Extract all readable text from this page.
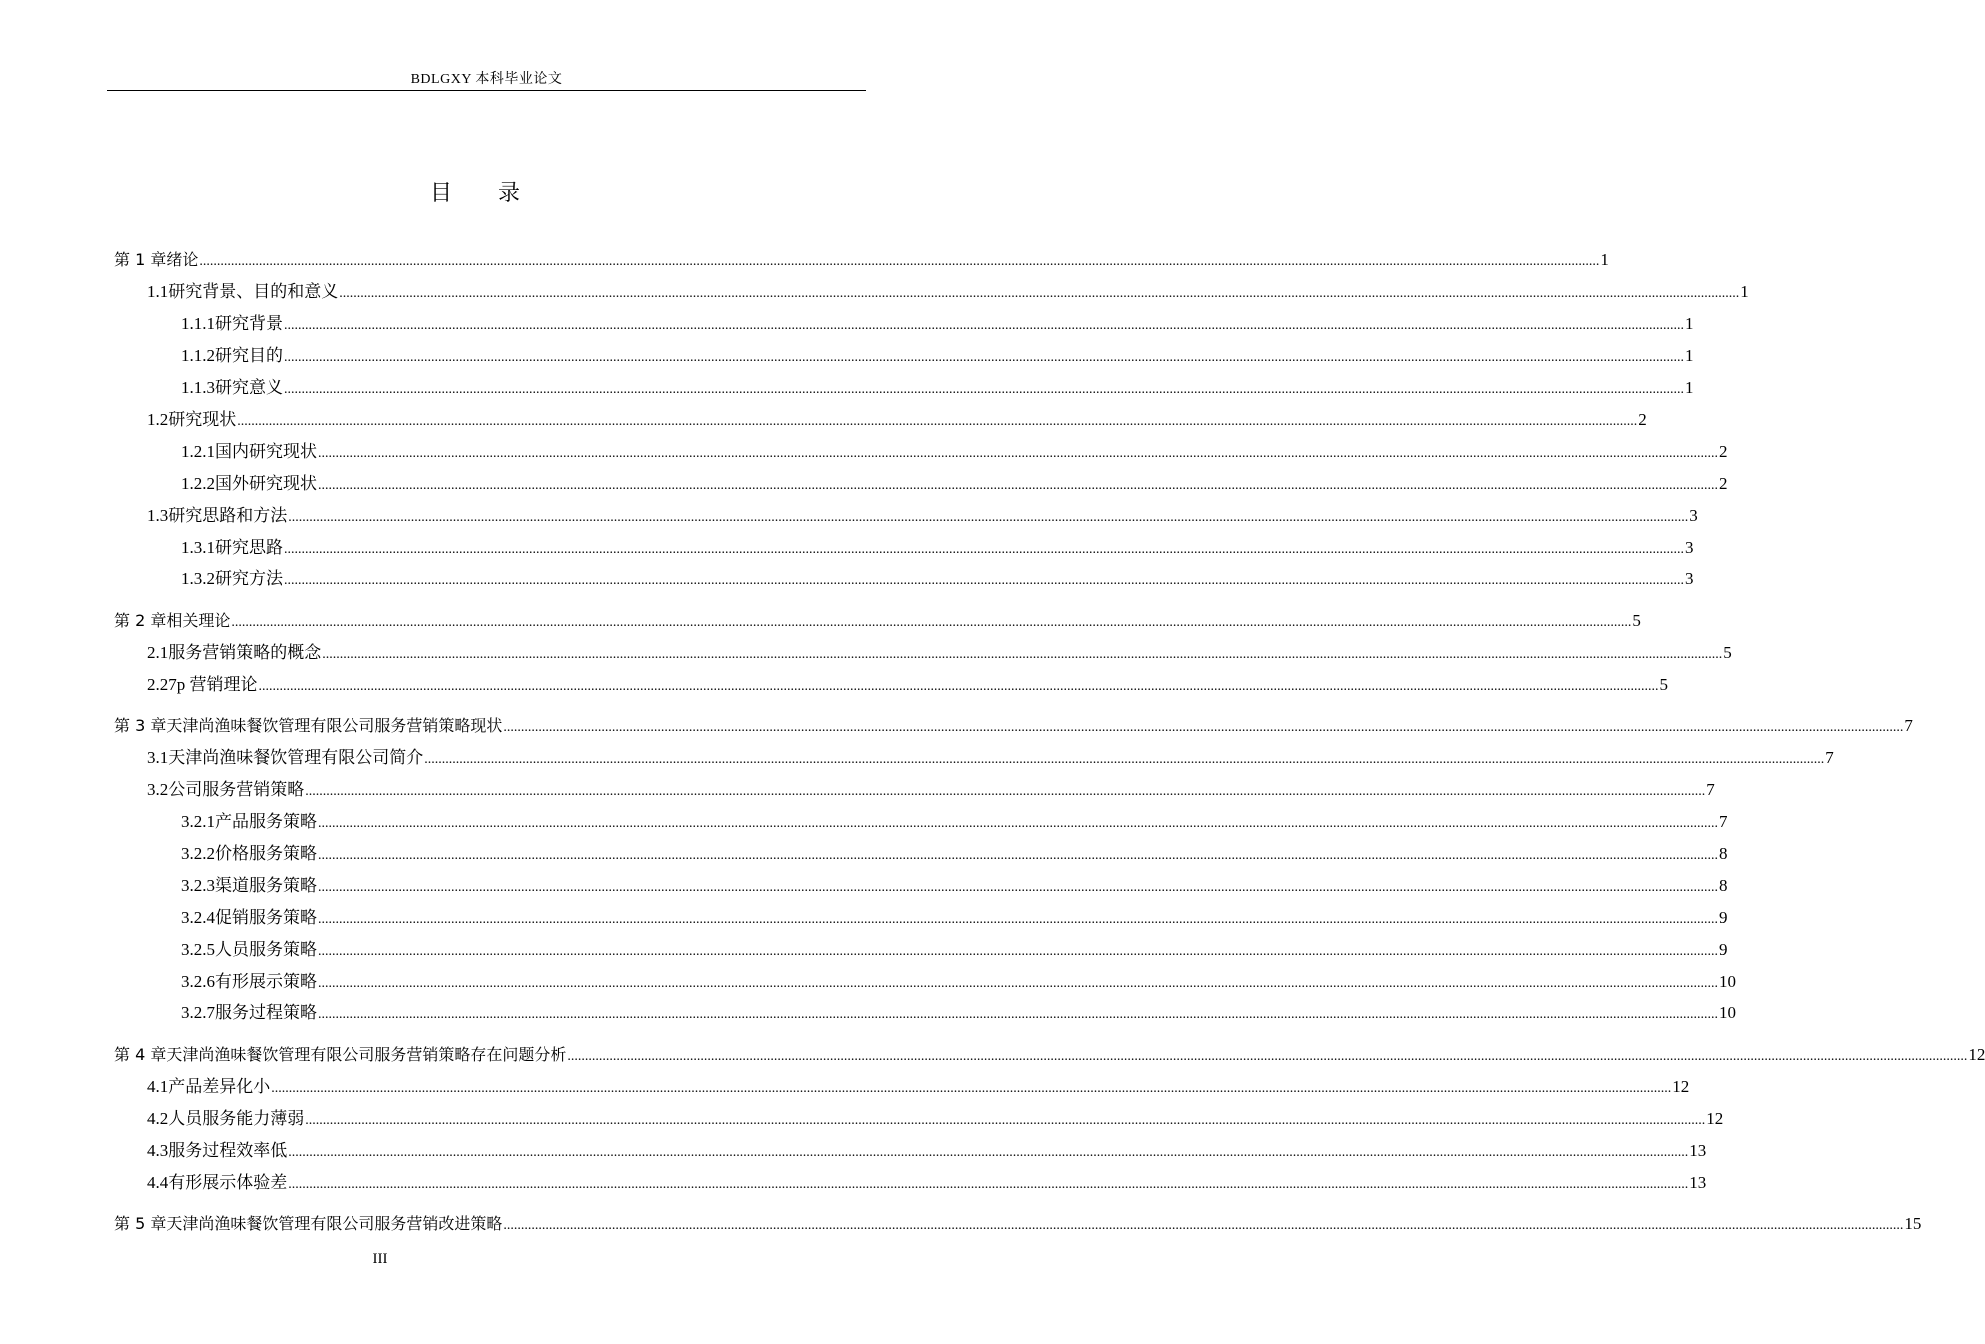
BDLGXY 本科毕业论文
目 录
第 1 章 绪论 ................................................................................................................................................................................................................................................................................................................................................................................................................ 1
1.1 研究背景、目的和意义 ................................................................................................................................................................................................................................................................................................................................................................................................................ 1
1.1.1 研究背景 ................................................................................................................................................................................................................................................................................................................................................................................................................ 1
1.1.2 研究目的 ................................................................................................................................................................................................................................................................................................................................................................................................................ 1
1.1.3 研究意义 ................................................................................................................................................................................................................................................................................................................................................................................................................ 1
1.2 研究现状 ................................................................................................................................................................................................................................................................................................................................................................................................................ 2
1.2.1 国内研究现状 ................................................................................................................................................................................................................................................................................................................................................................................................................ 2
1.2.2 国外研究现状 ................................................................................................................................................................................................................................................................................................................................................................................................................ 2
1.3 研究思路和方法 ................................................................................................................................................................................................................................................................................................................................................................................................................ 3
1.3.1 研究思路 ................................................................................................................................................................................................................................................................................................................................................................................................................ 3
1.3.2 研究方法 ................................................................................................................................................................................................................................................................................................................................................................................................................ 3
第 2 章 相关理论 ................................................................................................................................................................................................................................................................................................................................................................................................................ 5
2.1 服务营销策略的概念 ................................................................................................................................................................................................................................................................................................................................................................................................................ 5
2.2 7p 营销理论 ................................................................................................................................................................................................................................................................................................................................................................................................................ 5
第 3 章 天津尚渔味餐饮管理有限公司服务营销策略现状 ................................................................................................................................................................................................................................................................................................................................................................................................................ 7
3.1 天津尚渔味餐饮管理有限公司简介 ................................................................................................................................................................................................................................................................................................................................................................................................................ 7
3.2 公司服务营销策略 ................................................................................................................................................................................................................................................................................................................................................................................................................ 7
3.2.1 产品服务策略 ................................................................................................................................................................................................................................................................................................................................................................................................................ 7
3.2.2 价格服务策略 ................................................................................................................................................................................................................................................................................................................................................................................................................ 8
3.2.3 渠道服务策略 ................................................................................................................................................................................................................................................................................................................................................................................................................ 8
3.2.4 促销服务策略 ................................................................................................................................................................................................................................................................................................................................................................................................................ 9
3.2.5 人员服务策略 ................................................................................................................................................................................................................................................................................................................................................................................................................ 9
3.2.6 有形展示策略 ................................................................................................................................................................................................................................................................................................................................................................................................................ 10
3.2.7 服务过程策略 ................................................................................................................................................................................................................................................................................................................................................................................................................ 10
第 4 章 天津尚渔味餐饮管理有限公司服务营销策略存在问题分析 ................................................................................................................................................................................................................................................................................................................................................................................................................ 12
4.1 产品差异化小 ................................................................................................................................................................................................................................................................................................................................................................................................................ 12
4.2 人员服务能力薄弱 ................................................................................................................................................................................................................................................................................................................................................................................................................ 12
4.3 服务过程效率低 ................................................................................................................................................................................................................................................................................................................................................................................................................ 13
4.4 有形展示体验差 ................................................................................................................................................................................................................................................................................................................................................................................................................ 13
第 5 章 天津尚渔味餐饮管理有限公司服务营销改进策略 ................................................................................................................................................................................................................................................................................................................................................................................................................ 15
III
